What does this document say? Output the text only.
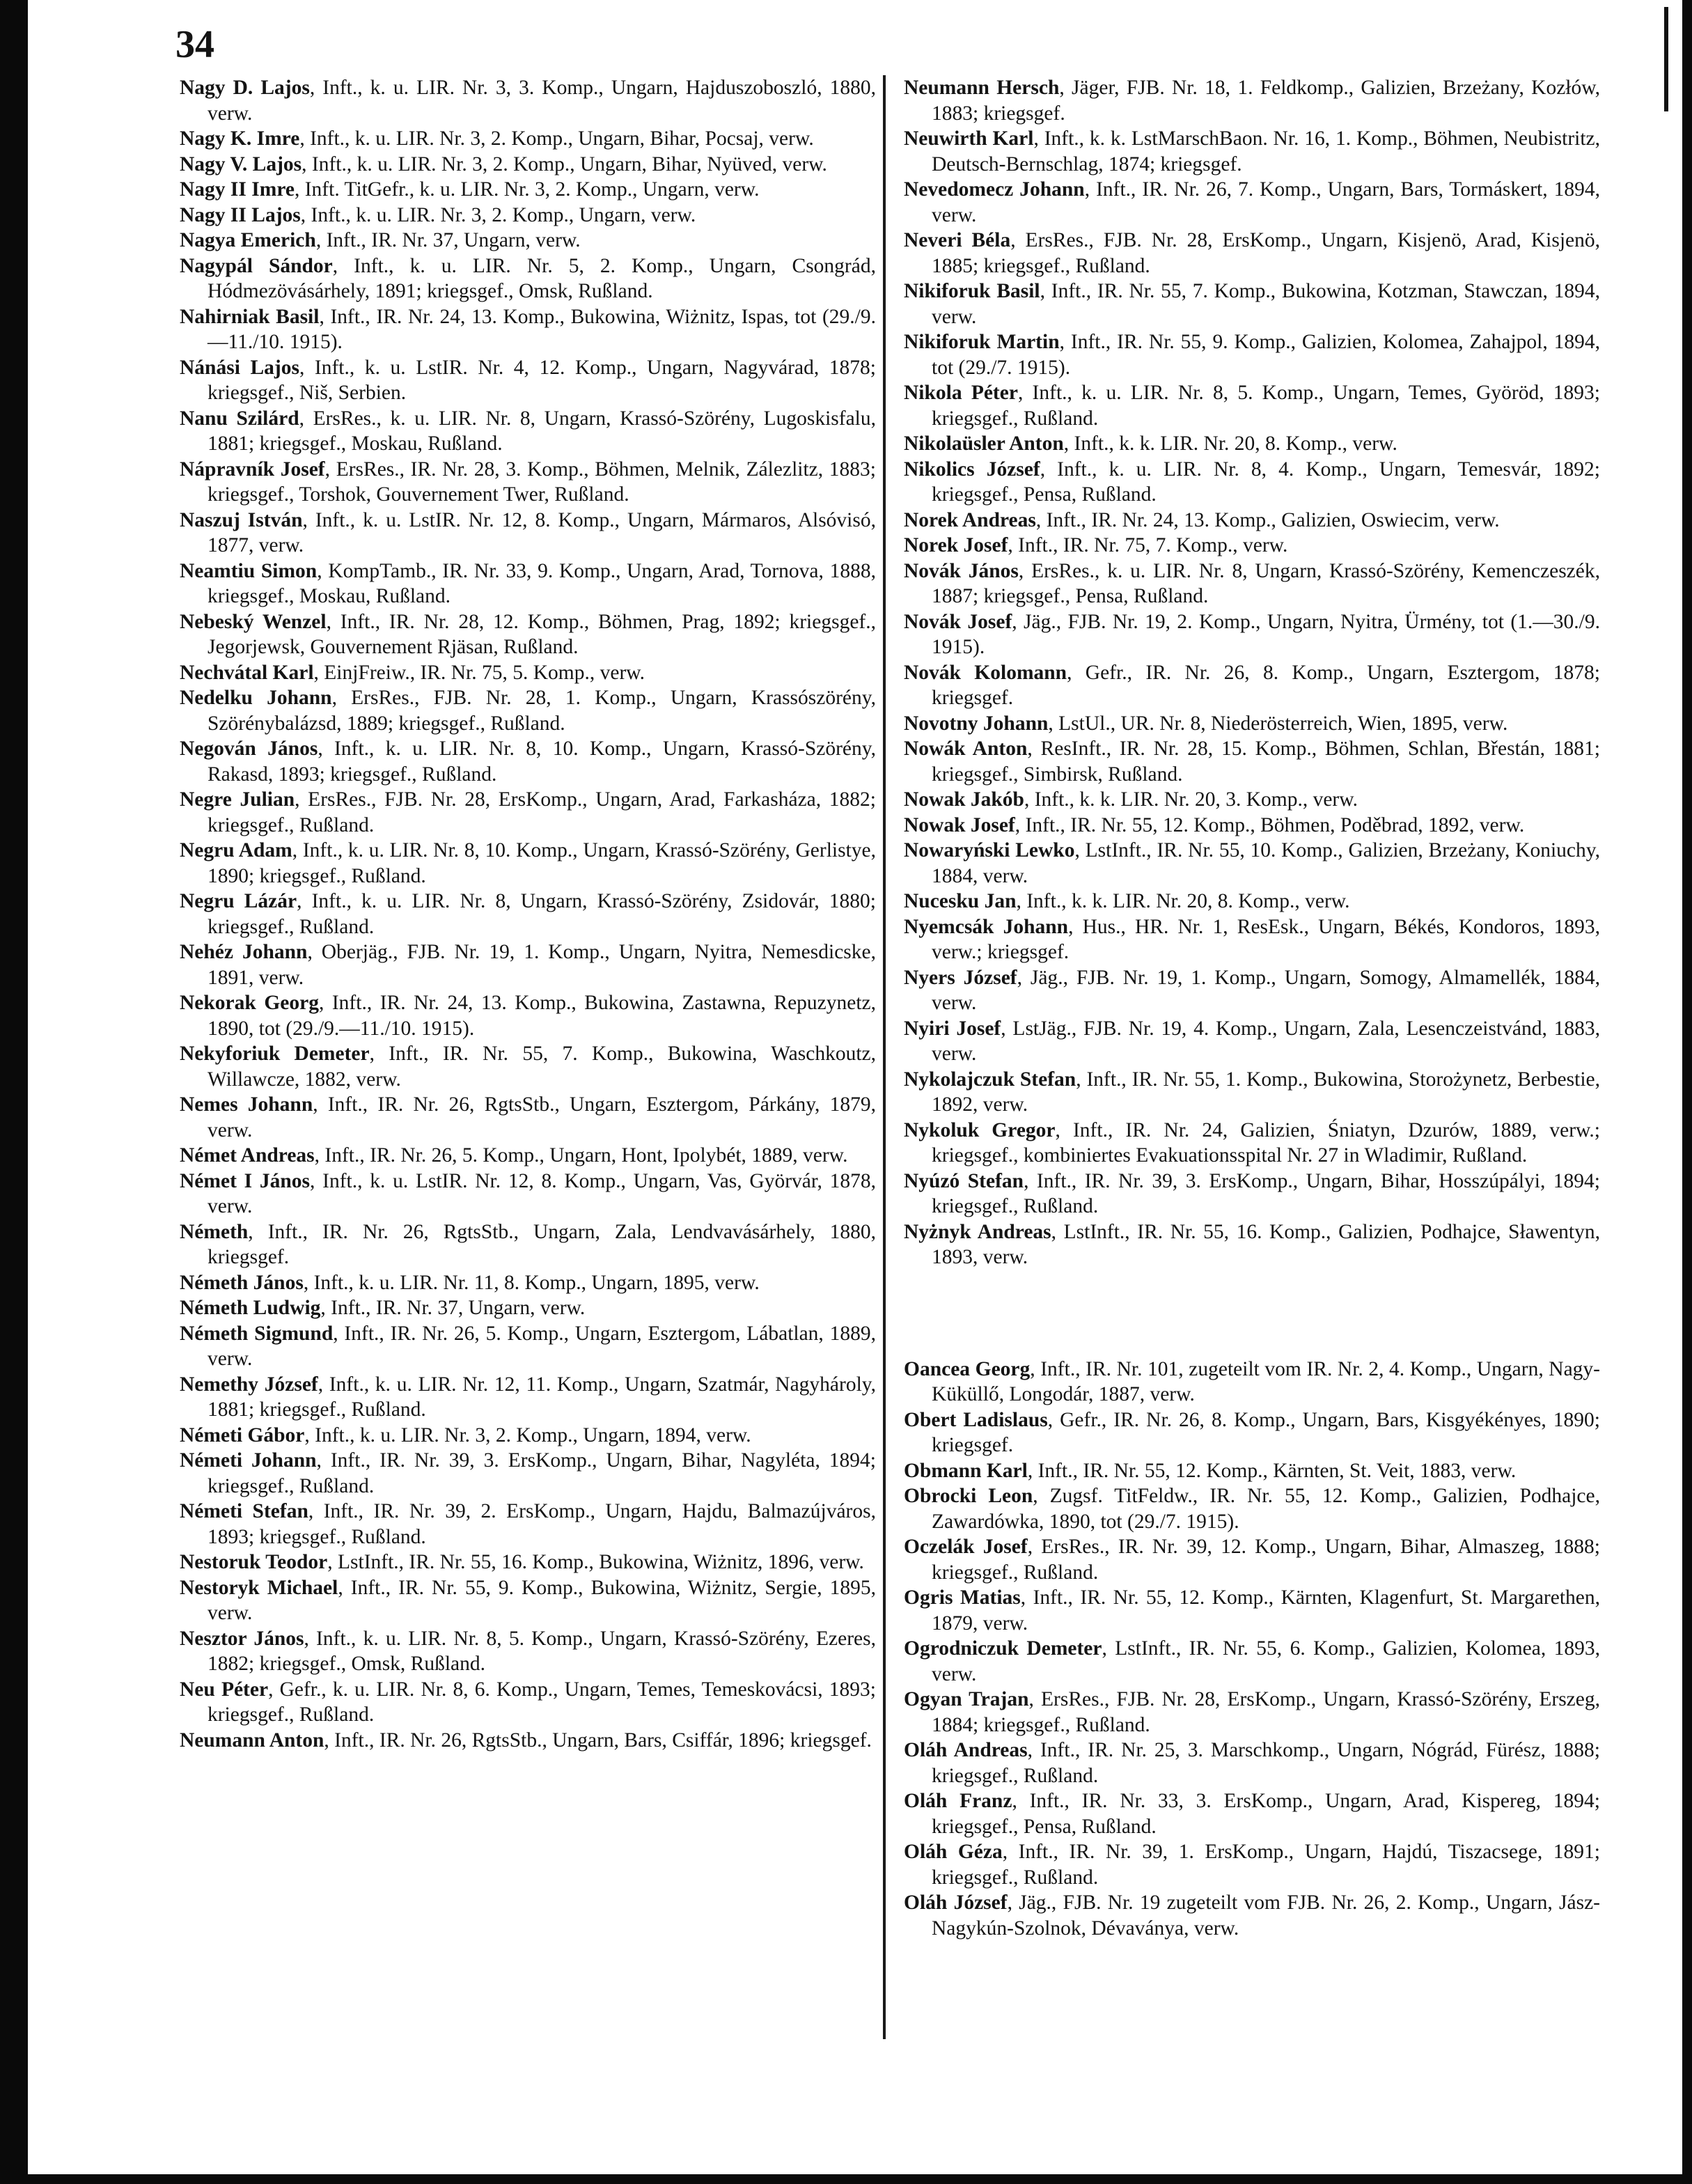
34
Nagy D. Lajos, Inft., k. u. LIR. Nr. 3, 3. Komp., Ungarn, Hajduszoboszló, 1880, verw.
Nagy K. Imre, Inft., k. u. LIR. Nr. 3, 2. Komp., Ungarn, Bihar, Pocsaj, verw.
Nagy V. Lajos, Inft., k. u. LIR. Nr. 3, 2. Komp., Ungarn, Bihar, Nyüved, verw.
Nagy II Imre, Inft. TitGefr., k. u. LIR. Nr. 3, 2. Komp., Ungarn, verw.
Nagy II Lajos, Inft., k. u. LIR. Nr. 3, 2. Komp., Ungarn, verw.
Nagya Emerich, Inft., IR. Nr. 37, Ungarn, verw.
Nagypál Sándor, Inft., k. u. LIR. Nr. 5, 2. Komp., Ungarn, Csongrád, Hódmezövásárhely, 1891; kriegsgef., Omsk, Rußland.
Nahirniak Basil, Inft., IR. Nr. 24, 13. Komp., Bukowina, Wiżnitz, Ispas, tot (29./9.—11./10. 1915).
Nánási Lajos, Inft., k. u. LstIR. Nr. 4, 12. Komp., Ungarn, Nagyvárad, 1878; kriegsgef., Niš, Serbien.
Nanu Szilárd, ErsRes., k. u. LIR. Nr. 8, Ungarn, Krassó-Szörény, Lugoskisfalu, 1881; kriegsgef., Moskau, Rußland.
Nápravník Josef, ErsRes., IR. Nr. 28, 3. Komp., Böhmen, Melnik, Zálezlitz, 1883; kriegsgef., Torshok, Gouvernement Twer, Rußland.
Naszuj István, Inft., k. u. LstIR. Nr. 12, 8. Komp., Ungarn, Mármaros, Alsóvisó, 1877, verw.
Neamtiu Simon, KompTamb., IR. Nr. 33, 9. Komp., Ungarn, Arad, Tornova, 1888, kriegsgef., Moskau, Rußland.
Nebeský Wenzel, Inft., IR. Nr. 28, 12. Komp., Böhmen, Prag, 1892; kriegsgef., Jegorjewsk, Gouvernement Rjäsan, Rußland.
Nechvátal Karl, EinjFreiw., IR. Nr. 75, 5. Komp., verw.
Nedelku Johann, ErsRes., FJB. Nr. 28, 1. Komp., Ungarn, Krassószörény, Szörénybalázsd, 1889; kriegsgef., Rußland.
Negován János, Inft., k. u. LIR. Nr. 8, 10. Komp., Ungarn, Krassó-Szörény, Rakasd, 1893; kriegsgef., Rußland.
Negre Julian, ErsRes., FJB. Nr. 28, ErsKomp., Ungarn, Arad, Farkasháza, 1882; kriegsgef., Rußland.
Negru Adam, Inft., k. u. LIR. Nr. 8, 10. Komp., Ungarn, Krassó-Szörény, Gerlistye, 1890; kriegsgef., Rußland.
Negru Lázár, Inft., k. u. LIR. Nr. 8, Ungarn, Krassó-Szörény, Zsidovár, 1880; kriegsgef., Rußland.
Nehéz Johann, Oberjäg., FJB. Nr. 19, 1. Komp., Ungarn, Nyitra, Nemesdicske, 1891, verw.
Nekorak Georg, Inft., IR. Nr. 24, 13. Komp., Bukowina, Zastawna, Repuzynetz, 1890, tot (29./9.—11./10. 1915).
Nekyforiuk Demeter, Inft., IR. Nr. 55, 7. Komp., Bukowina, Waschkoutz, Willawcze, 1882, verw.
Nemes Johann, Inft., IR. Nr. 26, RgtsStb., Ungarn, Esztergom, Párkány, 1879, verw.
Német Andreas, Inft., IR. Nr. 26, 5. Komp., Ungarn, Hont, Ipolybét, 1889, verw.
Német I János, Inft., k. u. LstIR. Nr. 12, 8. Komp., Ungarn, Vas, Györvár, 1878, verw.
Németh, Inft., IR. Nr. 26, RgtsStb., Ungarn, Zala, Lendvavásárhely, 1880, kriegsgef.
Németh János, Inft., k. u. LIR. Nr. 11, 8. Komp., Ungarn, 1895, verw.
Németh Ludwig, Inft., IR. Nr. 37, Ungarn, verw.
Németh Sigmund, Inft., IR. Nr. 26, 5. Komp., Ungarn, Esztergom, Lábatlan, 1889, verw.
Nemethy József, Inft., k. u. LIR. Nr. 12, 11. Komp., Ungarn, Szatmár, Nagyhároly, 1881; kriegsgef., Rußland.
Németi Gábor, Inft., k. u. LIR. Nr. 3, 2. Komp., Ungarn, 1894, verw.
Németi Johann, Inft., IR. Nr. 39, 3. ErsKomp., Ungarn, Bihar, Nagyléta, 1894; kriegsgef., Rußland.
Németi Stefan, Inft., IR. Nr. 39, 2. ErsKomp., Ungarn, Hajdu, Balmazújváros, 1893; kriegsgef., Rußland.
Nestoruk Teodor, LstInft., IR. Nr. 55, 16. Komp., Bukowina, Wiżnitz, 1896, verw.
Nestoryk Michael, Inft., IR. Nr. 55, 9. Komp., Bukowina, Wiżnitz, Sergie, 1895, verw.
Nesztor János, Inft., k. u. LIR. Nr. 8, 5. Komp., Ungarn, Krassó-Szörény, Ezeres, 1882; kriegsgef., Omsk, Rußland.
Neu Péter, Gefr., k. u. LIR. Nr. 8, 6. Komp., Ungarn, Temes, Temeskovácsi, 1893; kriegsgef., Rußland.
Neumann Anton, Inft., IR. Nr. 26, RgtsStb., Ungarn, Bars, Csiffár, 1896; kriegsgef.
Neumann Hersch, Jäger, FJB. Nr. 18, 1. Feldkomp., Galizien, Brzeżany, Kozłów, 1883; kriegsgef.
Neuwirth Karl, Inft., k. k. LstMarschBaon. Nr. 16, 1. Komp., Böhmen, Neubistritz, Deutsch-Bernschlag, 1874; kriegsgef.
Nevedomecz Johann, Inft., IR. Nr. 26, 7. Komp., Ungarn, Bars, Tormáskert, 1894, verw.
Neveri Béla, ErsRes., FJB. Nr. 28, ErsKomp., Ungarn, Kisjenö, Arad, Kisjenö, 1885; kriegsgef., Rußland.
Nikiforuk Basil, Inft., IR. Nr. 55, 7. Komp., Bukowina, Kotzman, Stawczan, 1894, verw.
Nikiforuk Martin, Inft., IR. Nr. 55, 9. Komp., Galizien, Kolomea, Zahajpol, 1894, tot (29./7. 1915).
Nikola Péter, Inft., k. u. LIR. Nr. 8, 5. Komp., Ungarn, Temes, Györöd, 1893; kriegsgef., Rußland.
Nikolaüsler Anton, Inft., k. k. LIR. Nr. 20, 8. Komp., verw.
Nikolics József, Inft., k. u. LIR. Nr. 8, 4. Komp., Ungarn, Temesvár, 1892; kriegsgef., Pensa, Rußland.
Norek Andreas, Inft., IR. Nr. 24, 13. Komp., Galizien, Oswiecim, verw.
Norek Josef, Inft., IR. Nr. 75, 7. Komp., verw.
Novák János, ErsRes., k. u. LIR. Nr. 8, Ungarn, Krassó-Szörény, Kemenczeszék, 1887; kriegsgef., Pensa, Rußland.
Novák Josef, Jäg., FJB. Nr. 19, 2. Komp., Ungarn, Nyitra, Ürmény, tot (1.—30./9. 1915).
Novák Kolomann, Gefr., IR. Nr. 26, 8. Komp., Ungarn, Esztergom, 1878; kriegsgef.
Novotny Johann, LstUl., UR. Nr. 8, Niederösterreich, Wien, 1895, verw.
Nowák Anton, ResInft., IR. Nr. 28, 15. Komp., Böhmen, Schlan, Břestán, 1881; kriegsgef., Simbirsk, Rußland.
Nowak Jakób, Inft., k. k. LIR. Nr. 20, 3. Komp., verw.
Nowak Josef, Inft., IR. Nr. 55, 12. Komp., Böhmen, Poděbrad, 1892, verw.
Nowaryński Lewko, LstInft., IR. Nr. 55, 10. Komp., Galizien, Brzeżany, Koniuchy, 1884, verw.
Nucesku Jan, Inft., k. k. LIR. Nr. 20, 8. Komp., verw.
Nyemcsák Johann, Hus., HR. Nr. 1, ResEsk., Ungarn, Békés, Kondoros, 1893, verw.; kriegsgef.
Nyers József, Jäg., FJB. Nr. 19, 1. Komp., Ungarn, Somogy, Almamellék, 1884, verw.
Nyiri Josef, LstJäg., FJB. Nr. 19, 4. Komp., Ungarn, Zala, Lesenczeistvánd, 1883, verw.
Nykolajczuk Stefan, Inft., IR. Nr. 55, 1. Komp., Bukowina, Storożynetz, Berbestie, 1892, verw.
Nykoluk Gregor, Inft., IR. Nr. 24, Galizien, Śniatyn, Dzurów, 1889, verw.; kriegsgef., kombiniertes Evakuationsspital Nr. 27 in Wladimir, Rußland.
Nyúzó Stefan, Inft., IR. Nr. 39, 3. ErsKomp., Ungarn, Bihar, Hosszúpályi, 1894; kriegsgef., Rußland.
Nyżnyk Andreas, LstInft., IR. Nr. 55, 16. Komp., Galizien, Podhajce, Sławentyn, 1893, verw.
Oancea Georg, Inft., IR. Nr. 101, zugeteilt vom IR. Nr. 2, 4. Komp., Ungarn, Nagy-Küküllő, Longodár, 1887, verw.
Obert Ladislaus, Gefr., IR. Nr. 26, 8. Komp., Ungarn, Bars, Kisgyékényes, 1890; kriegsgef.
Obmann Karl, Inft., IR. Nr. 55, 12. Komp., Kärnten, St. Veit, 1883, verw.
Obrocki Leon, Zugsf. TitFeldw., IR. Nr. 55, 12. Komp., Galizien, Podhajce, Zawardówka, 1890, tot (29./7. 1915).
Oczelák Josef, ErsRes., IR. Nr. 39, 12. Komp., Ungarn, Bihar, Almaszeg, 1888; kriegsgef., Rußland.
Ogris Matias, Inft., IR. Nr. 55, 12. Komp., Kärnten, Klagenfurt, St. Margarethen, 1879, verw.
Ogrodniczuk Demeter, LstInft., IR. Nr. 55, 6. Komp., Galizien, Kolomea, 1893, verw.
Ogyan Trajan, ErsRes., FJB. Nr. 28, ErsKomp., Ungarn, Krassó-Szörény, Erszeg, 1884; kriegsgef., Rußland.
Oláh Andreas, Inft., IR. Nr. 25, 3. Marschkomp., Ungarn, Nógrád, Fürész, 1888; kriegsgef., Rußland.
Oláh Franz, Inft., IR. Nr. 33, 3. ErsKomp., Ungarn, Arad, Kispereg, 1894; kriegsgef., Pensa, Rußland.
Oláh Géza, Inft., IR. Nr. 39, 1. ErsKomp., Ungarn, Hajdú, Tiszacsege, 1891; kriegsgef., Rußland.
Oláh József, Jäg., FJB. Nr. 19 zugeteilt vom FJB. Nr. 26, 2. Komp., Ungarn, Jász-Nagykún-Szolnok, Dévaványa, verw.
